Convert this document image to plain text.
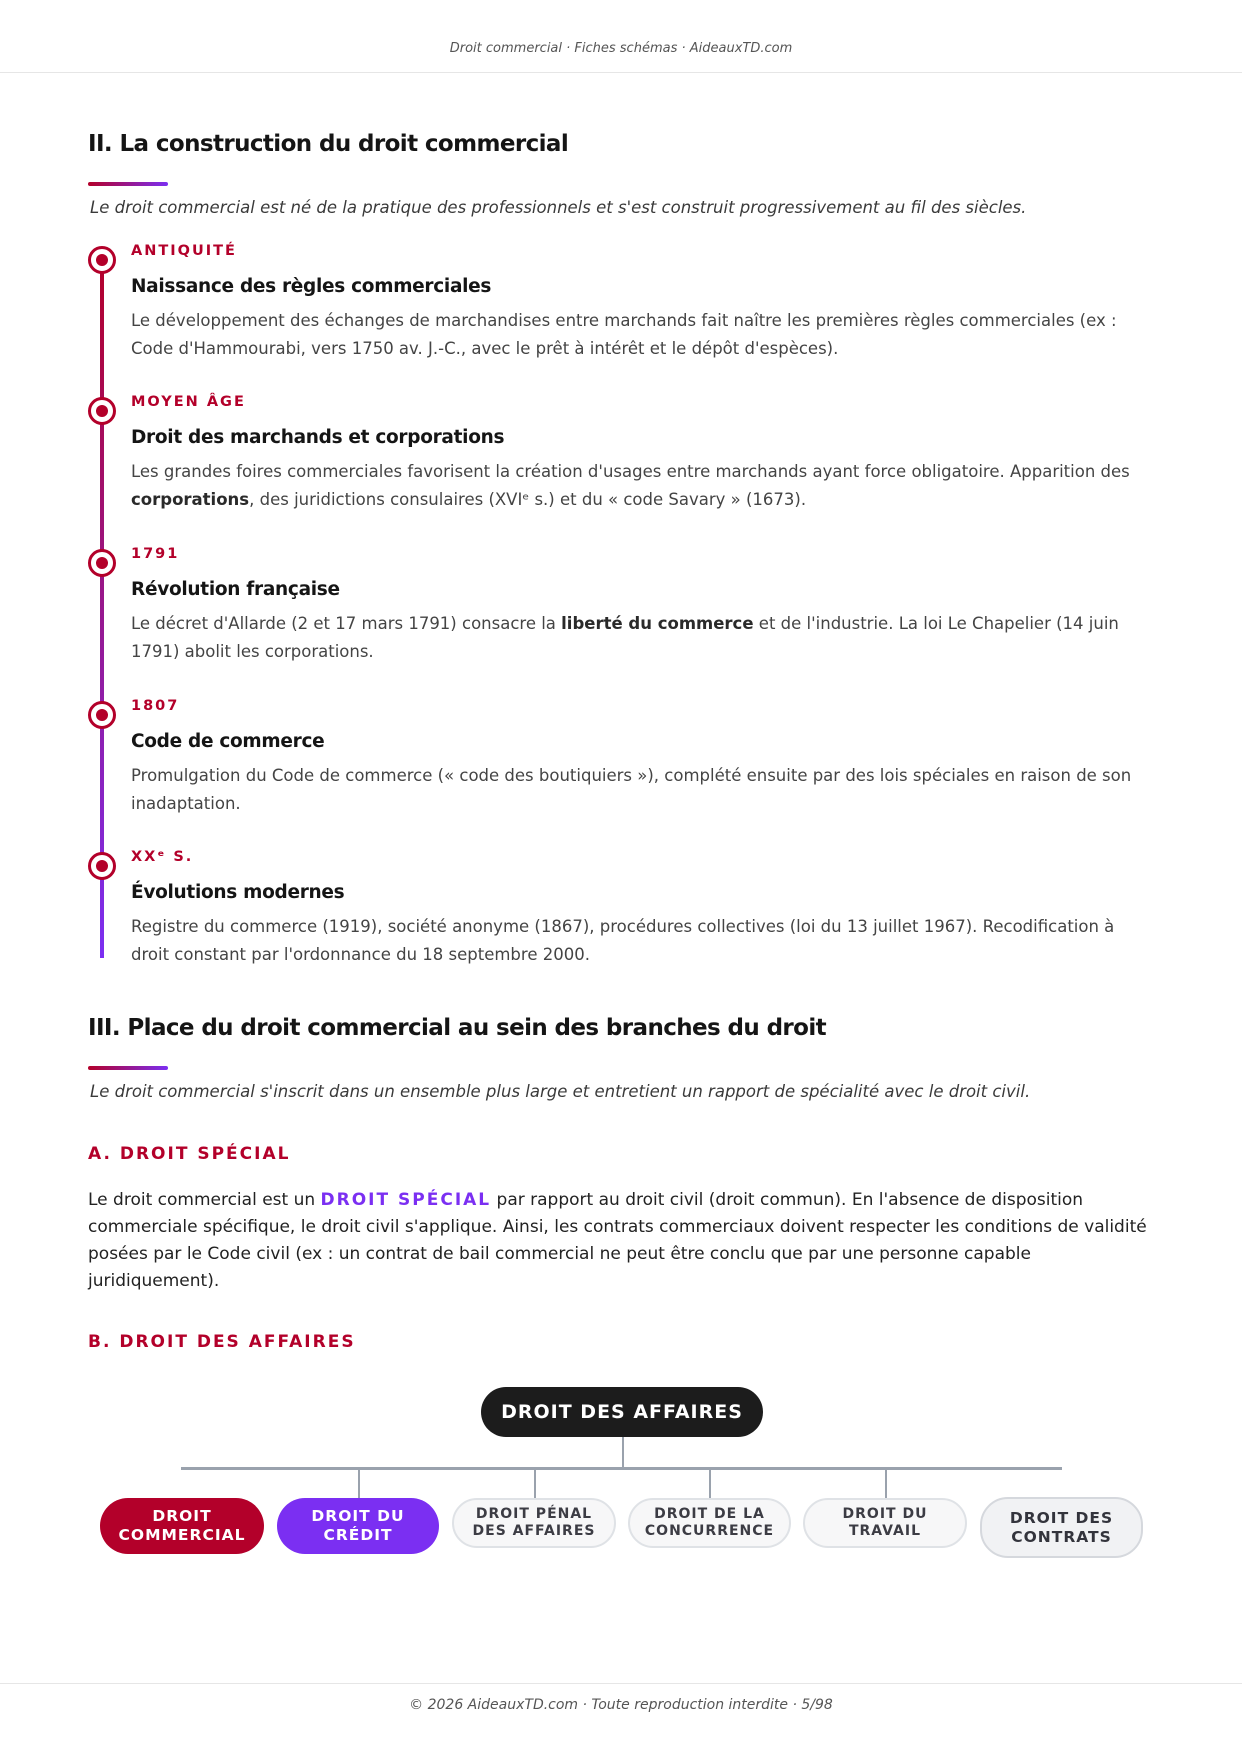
Droit commercial · Fiches schémas · AideauxTD.com
II. La construction du droit commercial
Le droit commercial est né de la pratique des professionnels et s'est construit progressivement au fil des siècles.
ANTIQUITÉ
Naissance des règles commerciales
Le développement des échanges de marchandises entre marchands fait naître les premières règles commerciales (ex : Code d'Hammourabi, vers 1750 av. J.-C., avec le prêt à intérêt et le dépôt d'espèces).
MOYEN ÂGE
Droit des marchands et corporations
Les grandes foires commerciales favorisent la création d'usages entre marchands ayant force obligatoire. Apparition des corporations, des juridictions consulaires (XVIᵉ s.) et du « code Savary » (1673).
1791
Révolution française
Le décret d'Allarde (2 et 17 mars 1791) consacre la liberté du commerce et de l'industrie. La loi Le Chapelier (14 juin 1791) abolit les corporations.
1807
Code de commerce
Promulgation du Code de commerce (« code des boutiquiers »), complété ensuite par des lois spéciales en raison de son inadaptation.
XXᵉ S.
Évolutions modernes
Registre du commerce (1919), société anonyme (1867), procédures collectives (loi du 13 juillet 1967). Recodification à droit constant par l'ordonnance du 18 septembre 2000.
III. Place du droit commercial au sein des branches du droit
Le droit commercial s'inscrit dans un ensemble plus large et entretient un rapport de spécialité avec le droit civil.
A. DROIT SPÉCIAL
Le droit commercial est un DROIT SPÉCIAL par rapport au droit civil (droit commun). En l'absence de disposition commerciale spécifique, le droit civil s'applique. Ainsi, les contrats commerciaux doivent respecter les conditions de validité posées par le Code civil (ex : un contrat de bail commercial ne peut être conclu que par une personne capable juridiquement).
B. DROIT DES AFFAIRES
DROIT DES AFFAIRES
DROIT
COMMERCIAL
DROIT DU
CRÉDIT
DROIT PÉNAL
DES AFFAIRES
DROIT DE LA
CONCURRENCE
DROIT DU
TRAVAIL
DROIT DES
CONTRATS
© 2026 AideauxTD.com · Toute reproduction interdite · 5/98
